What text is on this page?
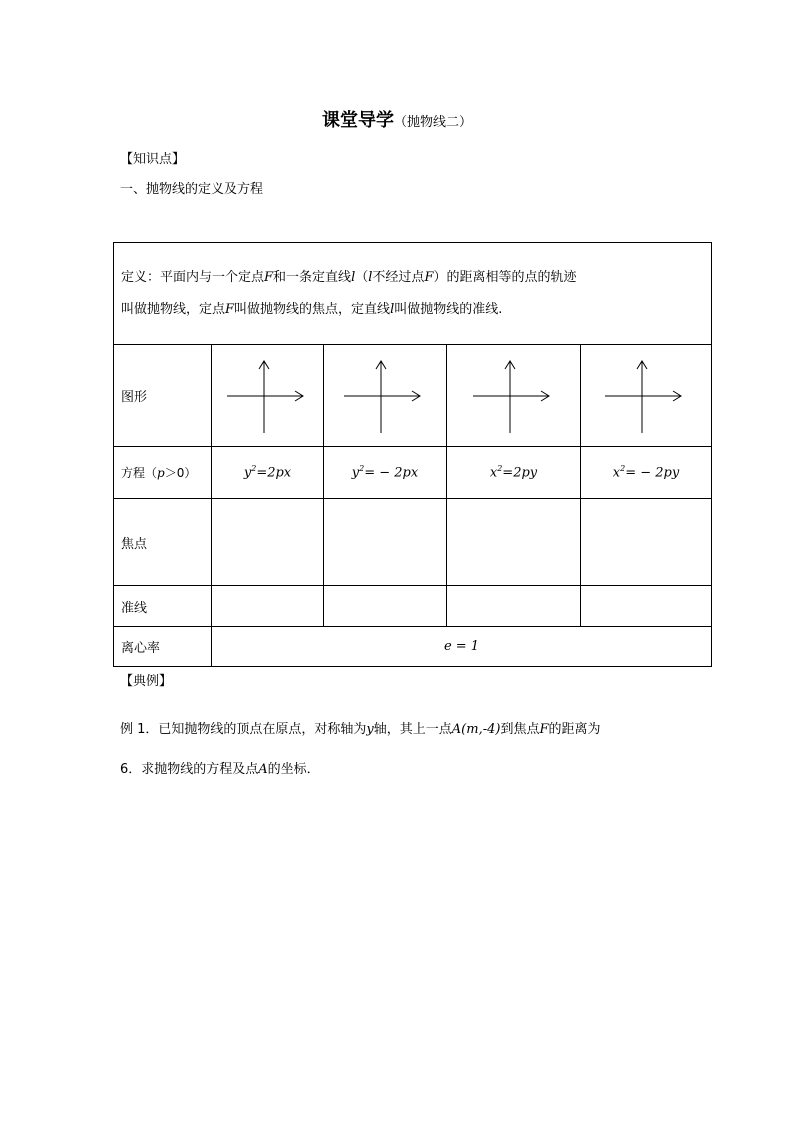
课堂导学（抛物线二）
【知识点】
一、抛物线的定义及方程
定义：平面内与一个定点F和一条定直线l（l不经过点F）的距离相等的点的轨迹
叫做抛物线，定点F叫做抛物线的焦点，定直线l叫做抛物线的准线.				

图形	

方程（p＞0）	$y^2=2px$	$y^2= - 2px$	$x^2=2py$	$x^2= - 2py$
焦点				
准线				
离心率	e = 1			
【典例】
例 1．已知抛物线的顶点在原点，对称轴为y轴，其上一点A(m,-4)到焦点F的距离为
6．求抛物线的方程及点A的坐标．
